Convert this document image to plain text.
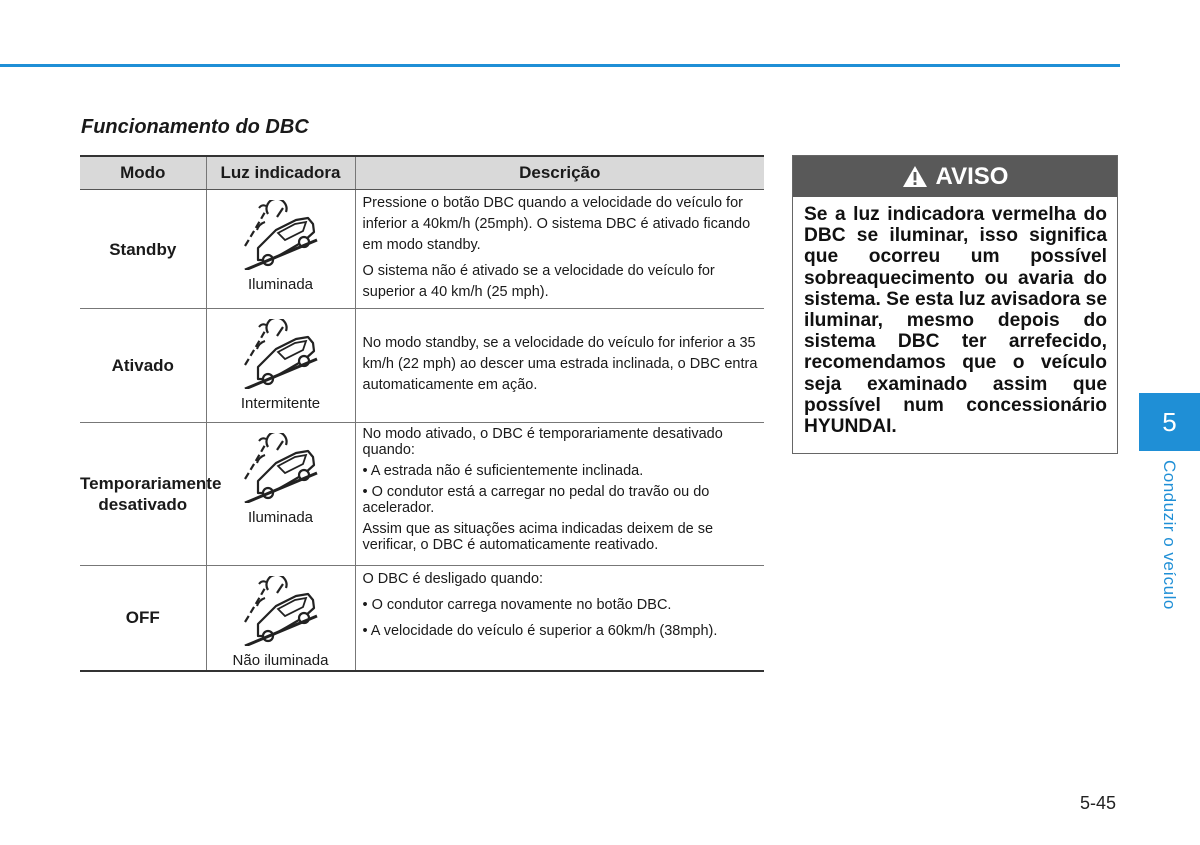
Funcionamento do DBC
Modo	Luz indicadora	Descrição
Standby	Iluminada	Pressione o botão DBC quando a velocidade do veículo for inferior a 40km/h (25mph). O sistema DBC é ativado ficando em modo standby.

O sistema não é ativado se a velocidade do veículo for superior a 40 km/h (25 mph).

Ativado	Intermitente	No modo standby, se a velocidade do veículo for inferior a 35 km/h (22 mph) ao descer uma estrada inclinada, o DBC entra automaticamente em ação.

Temporariamente desativado	Iluminada	No modo ativado, o DBC é temporariamente desativado quando:

• A estrada não é suficientemente inclinada.

• O condutor está a carregar no pedal do travão ou do acelerador.

Assim que as situações acima indicadas deixem de se verificar, o DBC é automaticamente reativado.

OFF	Não iluminada	O DBC é desligado quando:

• O condutor carrega novamente no botão DBC.

• A velocidade do veículo é superior a 60km/h (38mph).

AVISO

Se a luz indicadora vermelha do DBC se iluminar, isso significa que ocorreu um possível sobreaquecimento ou avaria do sistema. Se esta luz avisadora se iluminar, mesmo depois do sistema DBC ter arrefecido, recomendamos que o veículo seja examinado assim que possível num concessionário HYUNDAI.	5

Conduzir o veículo

5-45
